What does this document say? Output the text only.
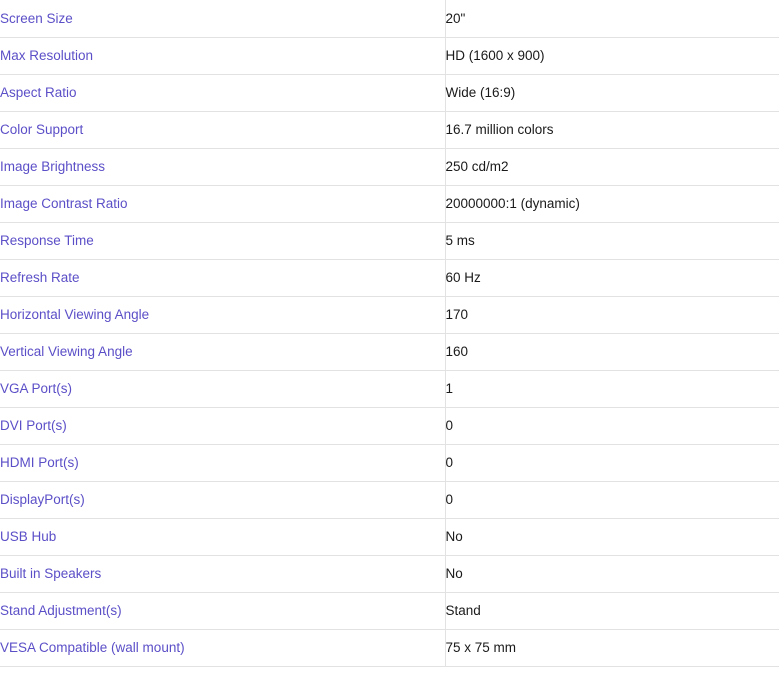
Screen Size	20"
Max Resolution	HD (1600 x 900)
Aspect Ratio	Wide (16:9)
Color Support	16.7 million colors
Image Brightness	250 cd/m2
Image Contrast Ratio	20000000:1 (dynamic)
Response Time	5 ms
Refresh Rate	60 Hz
Horizontal Viewing Angle	170
Vertical Viewing Angle	160
VGA Port(s)	1
DVI Port(s)	0
HDMI Port(s)	0
DisplayPort(s)	0
USB Hub	No
Built in Speakers	No
Stand Adjustment(s)	Stand
VESA Compatible (wall mount)	75 x 75 mm
